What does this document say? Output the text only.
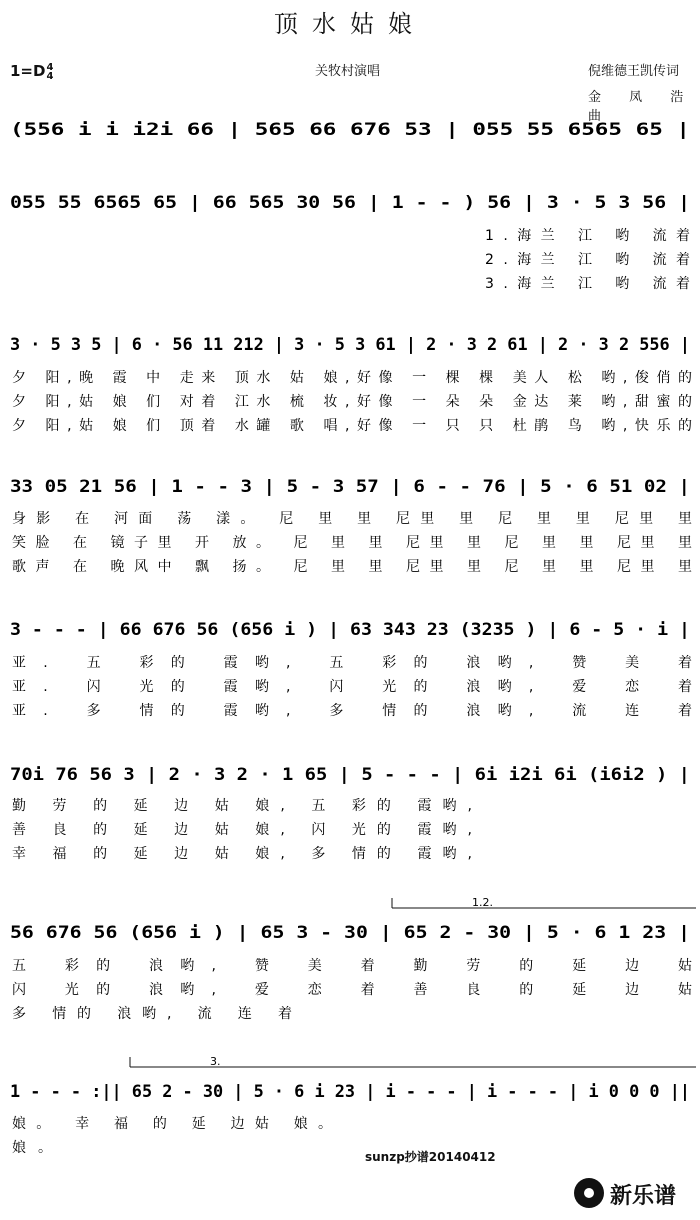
顶水姑娘
1=D4
4	关牧村演唱	倪维德王凯传词
金 凤 浩曲
(556 i i i2i 66 | 565 66 676 53 | 055 55 6565 65 |
055 55 6565 65 | 66 565 30 56 | 1 - - ) 56 | 3 · 5 3 56 |
1.海兰 江 哟 流着
2.海兰 江 哟 流着
3.海兰 江 哟 流着
3 · 5 3 5 | 6 · 56 11 212 | 3 · 5 3 61 | 2 · 3 2 61 | 2 · 3 2 556 |
夕 阳,晚 霞 中 走来 顶水 姑 娘,好像 一 棵 棵 美人 松 哟,俊俏的
夕 阳,姑 娘 们 对着 江水 梳 妆,好像 一 朵 朵 金达 莱 哟,甜蜜的
夕 阳,姑 娘 们 顶着 水罐 歌 唱,好像 一 只 只 杜鹃 鸟 哟,快乐的
33 05 21 56 | 1 - - 3 | 5 - 3 57 | 6 - - 76 | 5 · 6 51 02 |
身影 在 河面 荡 漾。 尼 里 里 尼里 里 尼 里 里 尼里 里
笑脸 在 镜子里 开 放。 尼 里 里 尼里 里 尼 里 里 尼里 里
歌声 在 晚风中 飘 扬。 尼 里 里 尼里 里 尼 里 里 尼里 里
3 - - - | 66 676 56 (656 i ) | 63 343 23 (3235 ) | 6 - 5 · i |
亚. 五 彩的 霞哟, 五 彩的 浪哟, 赞 美 着
亚. 闪 光的 霞哟, 闪 光的 浪哟, 爱 恋 着
亚. 多 情的 霞哟, 多 情的 浪哟, 流 连 着
70i 76 56 3 | 2 · 3 2 · 1 65 | 5 - - - | 6i i2i 6i (i6i2 ) |
勤 劳 的 延 边 姑 娘, 五 彩的 霞哟,
善 良 的 延 边 姑 娘, 闪 光的 霞哟,
幸 福 的 延 边 姑 娘, 多 情的 霞哟,
56 676 56 (656 i ) | 65 3 - 30 | 65 2 - 30 | 5 · 6 1 23 |
1.2.
五 彩的 浪哟, 赞 美 着 勤 劳 的 延 边 姑
闪 光的 浪哟, 爱 恋 着 善 良 的 延 边 姑
多 情的 浪哟, 流 连 着
1 - - - :|| 65 2 - 30 | 5 · 6 i 23 | i - - - | i - - - | i 0 0 0 ||
3.
娘。 幸 福 的 延 边姑 娘。
娘。
sunzp抄谱20140412
新乐谱
